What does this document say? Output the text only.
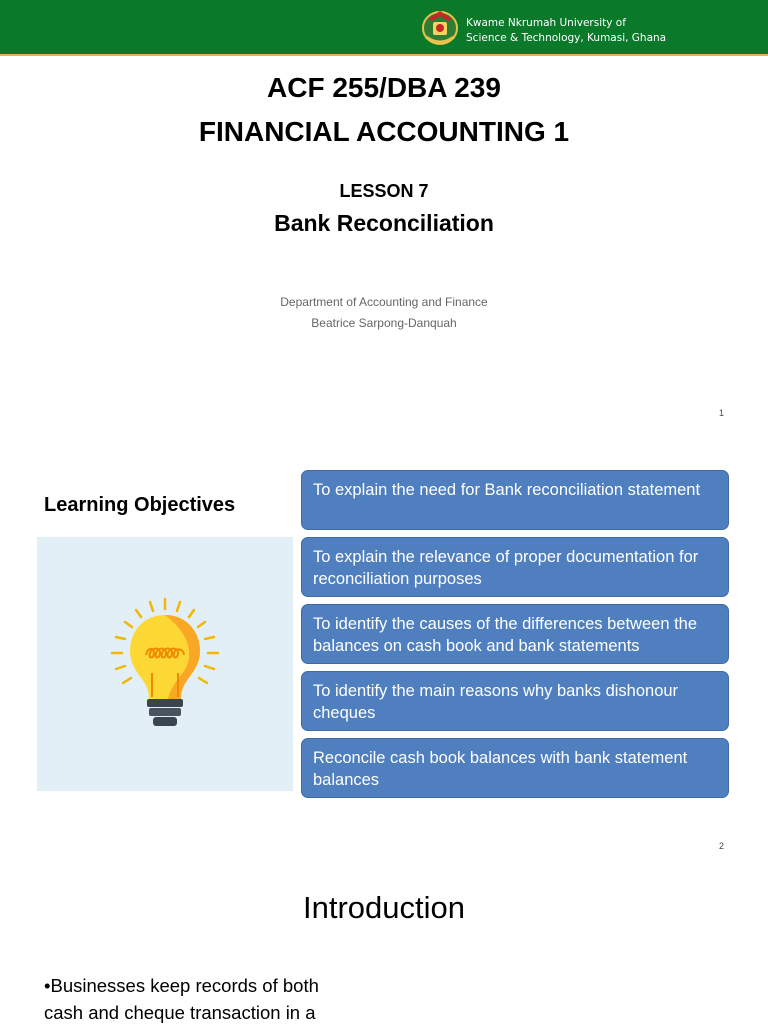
Kwame Nkrumah University of
Science & Technology, Kumasi, Ghana
ACF 255/DBA 239
FINANCIAL ACCOUNTING 1
LESSON 7
Bank Reconciliation
Department of Accounting and Finance
Beatrice Sarpong-Danquah
1
Learning Objectives
To explain the need for Bank reconciliation statement
To explain the relevance of proper documentation for reconciliation purposes
To identify the causes of the differences between the balances on cash book and bank statements
To identify the main reasons why banks dishonour cheques
Reconcile cash book balances with bank statement balances
2
Introduction
•Businesses keep records of both
cash and cheque transaction in a
